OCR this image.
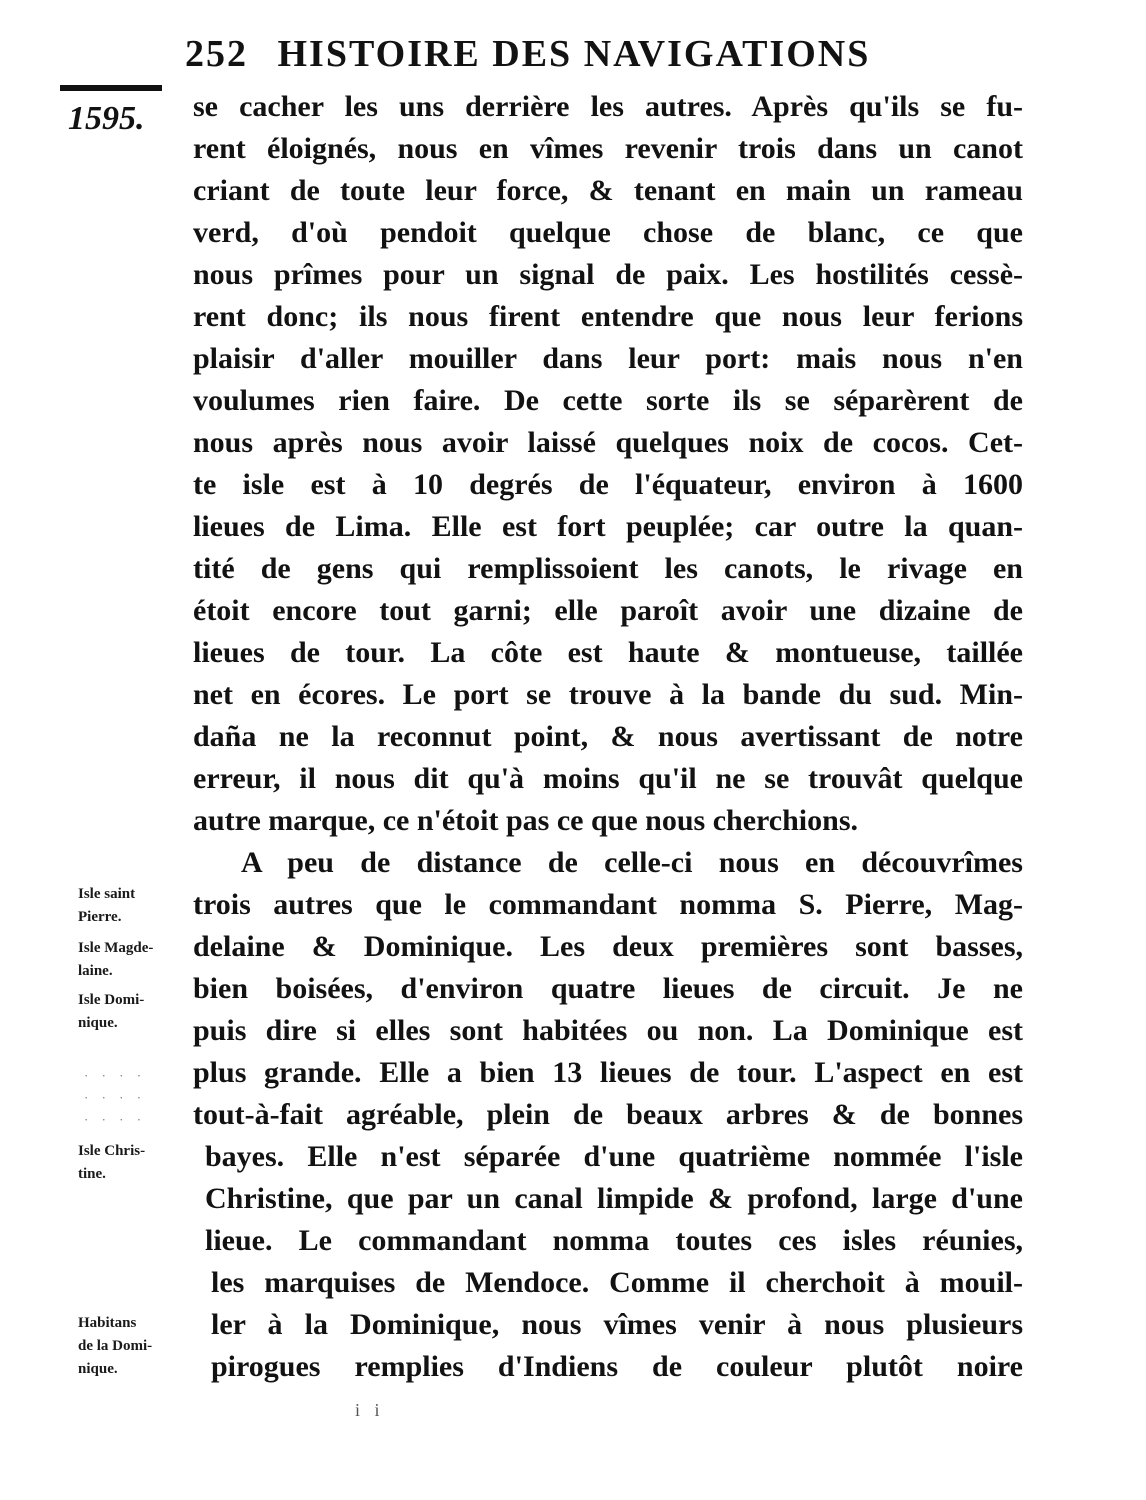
252 HISTOIRE DES NAVIGATIONS
1595. se cacher les uns derrière les autres. Après qu'ils se fu-
rent éloignés, nous en vîmes revenir trois dans un canot
criant de toute leur force, & tenant en main un rameau
verd, d'où pendoit quelque chose de blanc, ce que
nous prîmes pour un signal de paix. Les hostilités cessè-
rent donc; ils nous firent entendre que nous leur ferions
plaisir d'aller mouiller dans leur port: mais nous n'en
voulumes rien faire. De cette sorte ils se séparèrent de
nous après nous avoir laissé quelques noix de cocos. Cet-
te isle est à 10 degrés de l'équateur, environ à 1600
lieues de Lima. Elle est fort peuplée; car outre la quan-
tité de gens qui remplissoient les canots, le rivage en
étoit encore tout garni; elle paroît avoir une dizaine de
lieues de tour. La côte est haute & montueuse, taillée
net en écores. Le port se trouve à la bande du sud. Min-
daña ne la reconnut point, & nous avertissant de notre
erreur, il nous dit qu'à moins qu'il ne se trouvât quelque
autre marque, ce n'étoit pas ce que nous cherchions.
A peu de distance de celle-ci nous en découvrîmes
trois autres que le commandant nomma S. Pierre, Mag-
delaine & Dominique. Les deux premières sont basses,
bien boisées, d'environ quatre lieues de circuit. Je ne
puis dire si elles sont habitées ou non. La Dominique est
plus grande. Elle a bien 13 lieues de tour. L'aspect en est
tout-à-fait agréable, plein de beaux arbres & de bonnes
bayes. Elle n'est séparée d'une quatrième nommée l'isle
Christine, que par un canal limpide & profond, large d'une
lieue. Le commandant nomma toutes ces isles réunies,
les marquises de Mendoce. Comme il cherchoit à mouil-
ler à la Dominique, nous vîmes venir à nous plusieurs
pirogues remplies d'Indiens de couleur plutôt noire
Isle saint
Pierre.
Isle Magde-
laine.
Isle Domi-
nique.
· · · ·
· · · ·
· · · ·
Isle Chris-
tine.
Habitans
de la Domi-
nique.
i i
